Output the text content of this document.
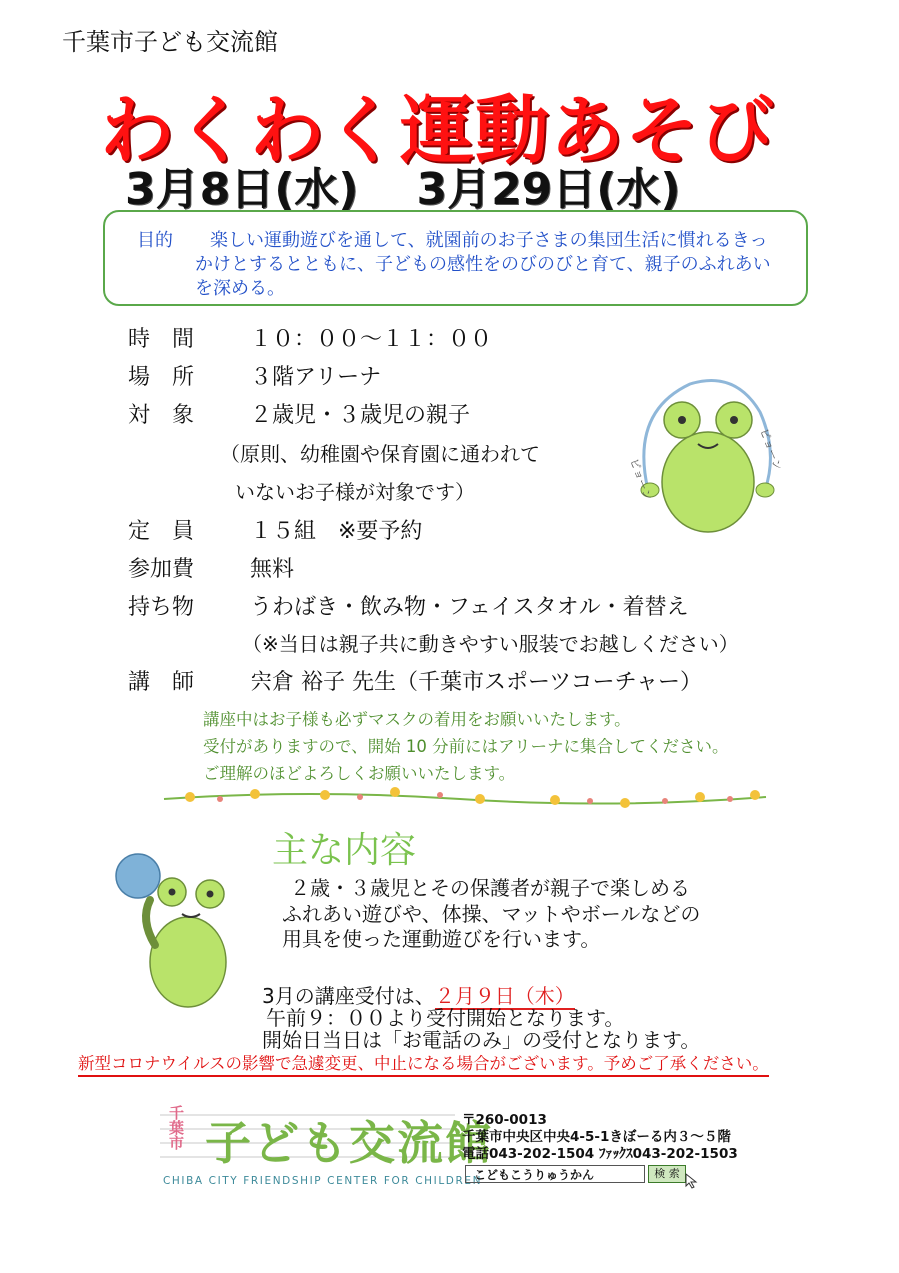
千葉市子ども交流館
わくわく運動あそび
3月8日(水) 3月29日(水)
目的 楽しい運動遊びを通して、就園前のお子さまの集団生活に慣れるきっ
かけとするとともに、子どもの感性をのびのびと育て、親子のふれあい
を深める。
時　間	１０：００～１１：００
場　所	３階アリーナ
対　象	２歳児・３歳児の親子
（原則、幼稚園や保育園に通われて
いないお子様が対象です）
定　員	１５組　※要予約
参加費	無料
持ち物	うわばき・飲み物・フェイスタオル・着替え
（※当日は親子共に動きやすい服装でお越しください）
講　師	宍倉 裕子 先生（千葉市スポーツコーチャー）
講座中はお子様も必ずマスクの着用をお願いいたします。
受付がありますので、開始 10 分前にはアリーナに集合してください。
ご理解のほどよろしくお願いいたします。
ピョーン
ピョーン
主な内容
２歳・３歳児とその保護者が親子で楽しめる
ふれあい遊びや、体操、マットやボールなどの
用具を使った運動遊びを行います。
3月の講座受付は、２月９日（木）
午前９：００より受付開始となります。
開始日当日は「お電話のみ」の受付となります。
新型コロナウイルスの影響で急遽変更、中止になる場合がございます。予めご了承ください。
千葉市 子ども交流館
CHIBA CITY FRIENDSHIP CENTER FOR CHILDREN
〒260-0013
千葉市中央区中央4-5-1きぼーる内３～５階
電話043-202-1504 ﾌｧｯｸｽ043-202-1503
こどもこうりゅうかん	検 索
